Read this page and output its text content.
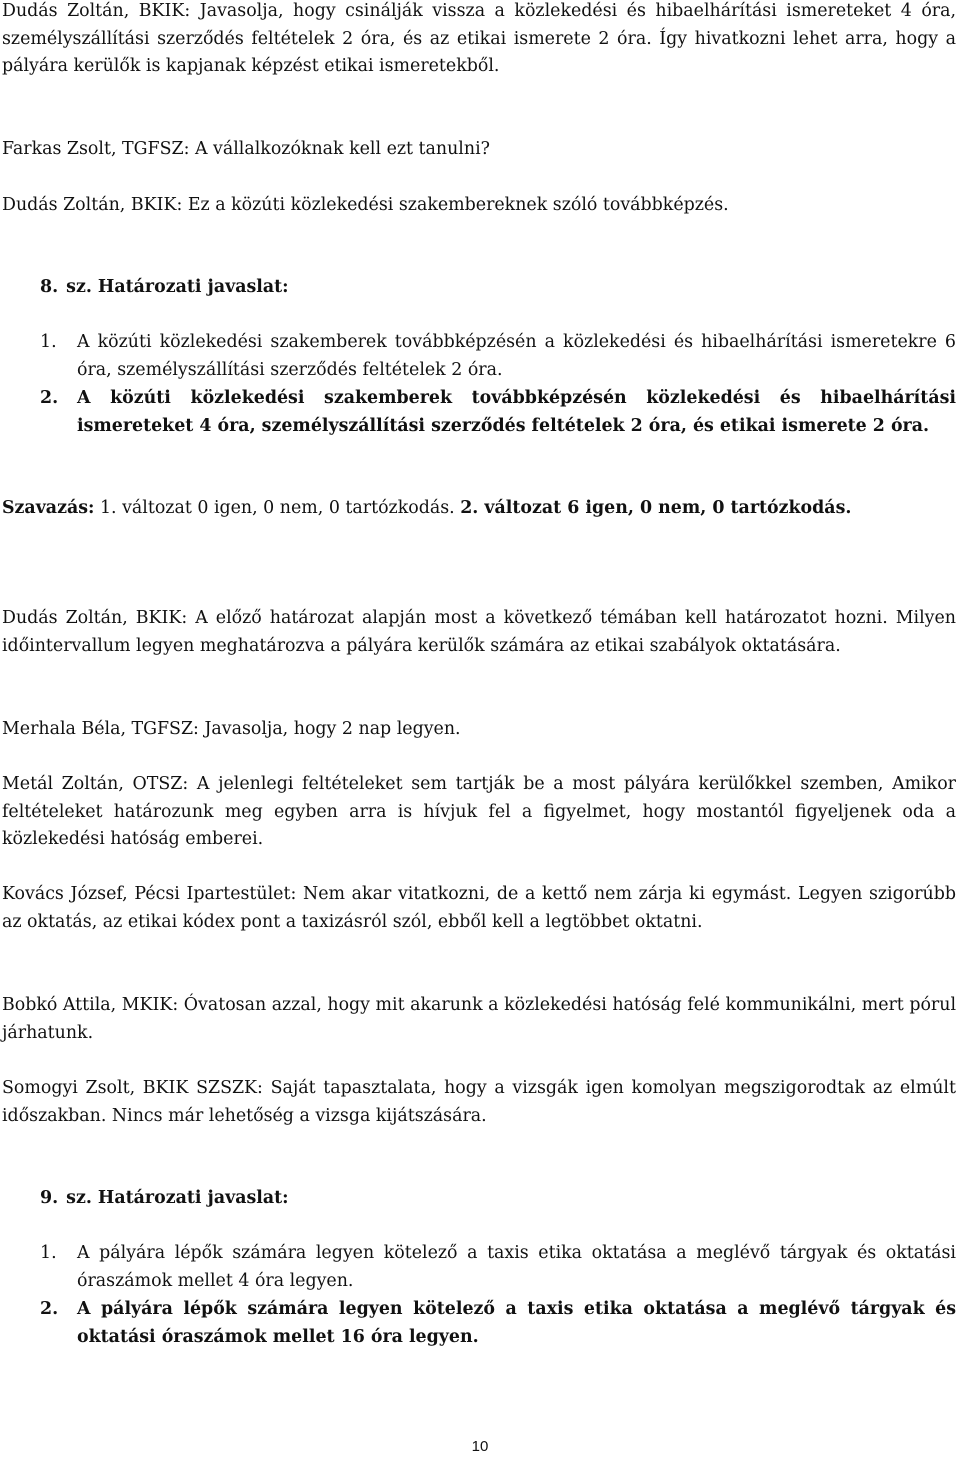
Dudás Zoltán, BKIK: Javasolja, hogy csinálják vissza a közlekedési és hibaelhárítási ismereteket 4 óra, személyszállítási szerződés feltételek 2 óra, és az etikai ismerete 2 óra. Így hivatkozni lehet arra, hogy a pályára kerülők is kapjanak képzést etikai ismeretekből.

Farkas Zsolt, TGFSZ: A vállalkozóknak kell ezt tanulni?

Dudás Zoltán, BKIK: Ez a közúti közlekedési szakembereknek szóló továbbképzés.

8. sz. Határozati javaslat:
1.	A közúti közlekedési szakemberek továbbképzésén a közlekedési és hibaelhárítási ismeretekre 6 óra, személyszállítási szerződés feltételek 2 óra.
2.	A közúti közlekedési szakemberek továbbképzésén közlekedési és hibaelhárítási ismereteket 4 óra, személyszállítási szerződés feltételek 2 óra, és etikai ismerete 2 óra.

Szavazás: 1. változat 0 igen, 0 nem, 0 tartózkodás. 2. változat 6 igen, 0 nem, 0 tartózkodás.

Dudás Zoltán, BKIK: A előző határozat alapján most a következő témában kell határozatot hozni. Milyen időintervallum legyen meghatározva a pályára kerülők számára az etikai szabályok oktatására.

Merhala Béla, TGFSZ: Javasolja, hogy 2 nap legyen.

Metál Zoltán, OTSZ: A jelenlegi feltételeket sem tartják be a most pályára kerülőkkel szemben, Amikor feltételeket határozunk meg egyben arra is hívjuk fel a figyelmet, hogy mostantól figyeljenek oda a közlekedési hatóság emberei.

Kovács József, Pécsi Ipartestület: Nem akar vitatkozni, de a kettő nem zárja ki egymást. Legyen szigorúbb az oktatás, az etikai kódex pont a taxizásról szól, ebből kell a legtöbbet oktatni.

Bobkó Attila, MKIK: Óvatosan azzal, hogy mit akarunk a közlekedési hatóság felé kommunikálni, mert pórul járhatunk.

Somogyi Zsolt, BKIK SZSZK: Saját tapasztalata, hogy a vizsgák igen komolyan megszigorodtak az elmúlt időszakban. Nincs már lehetőség a vizsga kijátszására.

9. sz. Határozati javaslat:
1.	A pályára lépők számára legyen kötelező a taxis etika oktatása a meglévő tárgyak és oktatási óraszámok mellet 4 óra legyen.
2.	A pályára lépők számára legyen kötelező a taxis etika oktatása a meglévő tárgyak és oktatási óraszámok mellet 16 óra legyen.
10
